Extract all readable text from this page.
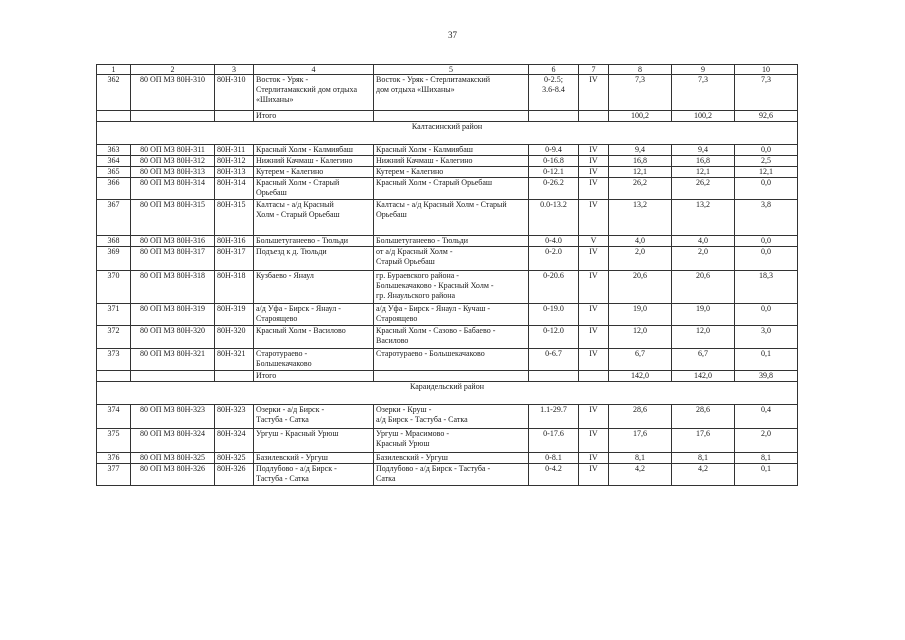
37
1	2	3	4	5	6	7	8	9	10
362	80 ОП МЗ 80Н-310	80Н-310	Восток - Уряк -
Стерлитамакский дом отдыха
«Шиханы»	Восток - Уряк - Стерлитамакский
дом отдыха «Шиханы»	0-2.5;
3.6-8.4	IV	7,3	7,3	7,3
			Итого				100,2	100,2	92,6
Калтасинский район									
363	80 ОП МЗ 80Н-311	80Н-311	Красный Холм - Калмиябаш	Красный Холм - Калмиябаш	0-9.4	IV	9,4	9,4	0,0
364	80 ОП МЗ 80Н-312	80Н-312	Нижний Качмаш - Калегино	Нижний Качмаш - Калегино	0-16.8	IV	16,8	16,8	2,5
365	80 ОП МЗ 80Н-313	80Н-313	Кутерем - Калегино	Кутерем - Калегино	0-12.1	IV	12,1	12,1	12,1
366	80 ОП МЗ 80Н-314	80Н-314	Красный Холм - Старый
Орьебаш	Красный Холм - Старый Орьебаш	0-26.2	IV	26,2	26,2	0,0
367	80 ОП МЗ 80Н-315	80Н-315	Калтасы - а/д Красный
Холм - Старый Орьебаш	Калтасы - а/д Красный Холм - Старый
Орьебаш	0.0-13.2	IV	13,2	13,2	3,8
368	80 ОП МЗ 80Н-316	80Н-316	Большетуганеево - Тюльди	Большетуганеево - Тюльди	0-4.0	V	4,0	4,0	0,0
369	80 ОП МЗ 80Н-317	80Н-317	Подъезд к д. Тюльди	от а/д Красный Холм -
Старый Орьебаш	0-2.0	IV	2,0	2,0	0,0
370	80 ОП МЗ 80Н-318	80Н-318	Кузбаево - Янаул	гр. Бураевского района -
Большекачаково - Красный Холм -
гр. Янаульского района	0-20.6	IV	20,6	20,6	18,3
371	80 ОП МЗ 80Н-319	80Н-319	а/д Уфа - Бирск - Янаул -
Староящево	а/д Уфа - Бирск - Янаул - Кучаш -
Староящево	0-19.0	IV	19,0	19,0	0,0
372	80 ОП МЗ 80Н-320	80Н-320	Красный Холм - Василово	Красный Холм - Сазово - Бабаево -
Василово	0-12.0	IV	12,0	12,0	3,0
373	80 ОП МЗ 80Н-321	80Н-321	Старотураево -
Большекачаково	Старотураево - Большекачаково	0-6.7	IV	6,7	6,7	0,1
			Итого				142,0	142,0	39,8
Караидельский район									
374	80 ОП МЗ 80Н-323	80Н-323	Озерки - а/д Бирск -
Тастуба - Сатка	Озерки - Круш -
а/д Бирск - Тастуба - Сатка	1.1-29.7	IV	28,6	28,6	0,4
375	80 ОП МЗ 80Н-324	80Н-324	Ургуш - Красный Урюш	Ургуш - Мрасимово -
Красный Урюш	0-17.6	IV	17,6	17,6	2,0
376	80 ОП МЗ 80Н-325	80Н-325	Базилевский - Ургуш	Базилевский - Ургуш	0-8.1	IV	8,1	8,1	8,1
377	80 ОП МЗ 80Н-326	80Н-326	Подлубово - а/д Бирск -
Тастуба - Сатка	Подлубово - а/д Бирск - Тастуба -
Сатка	0-4.2	IV	4,2	4,2	0,1
